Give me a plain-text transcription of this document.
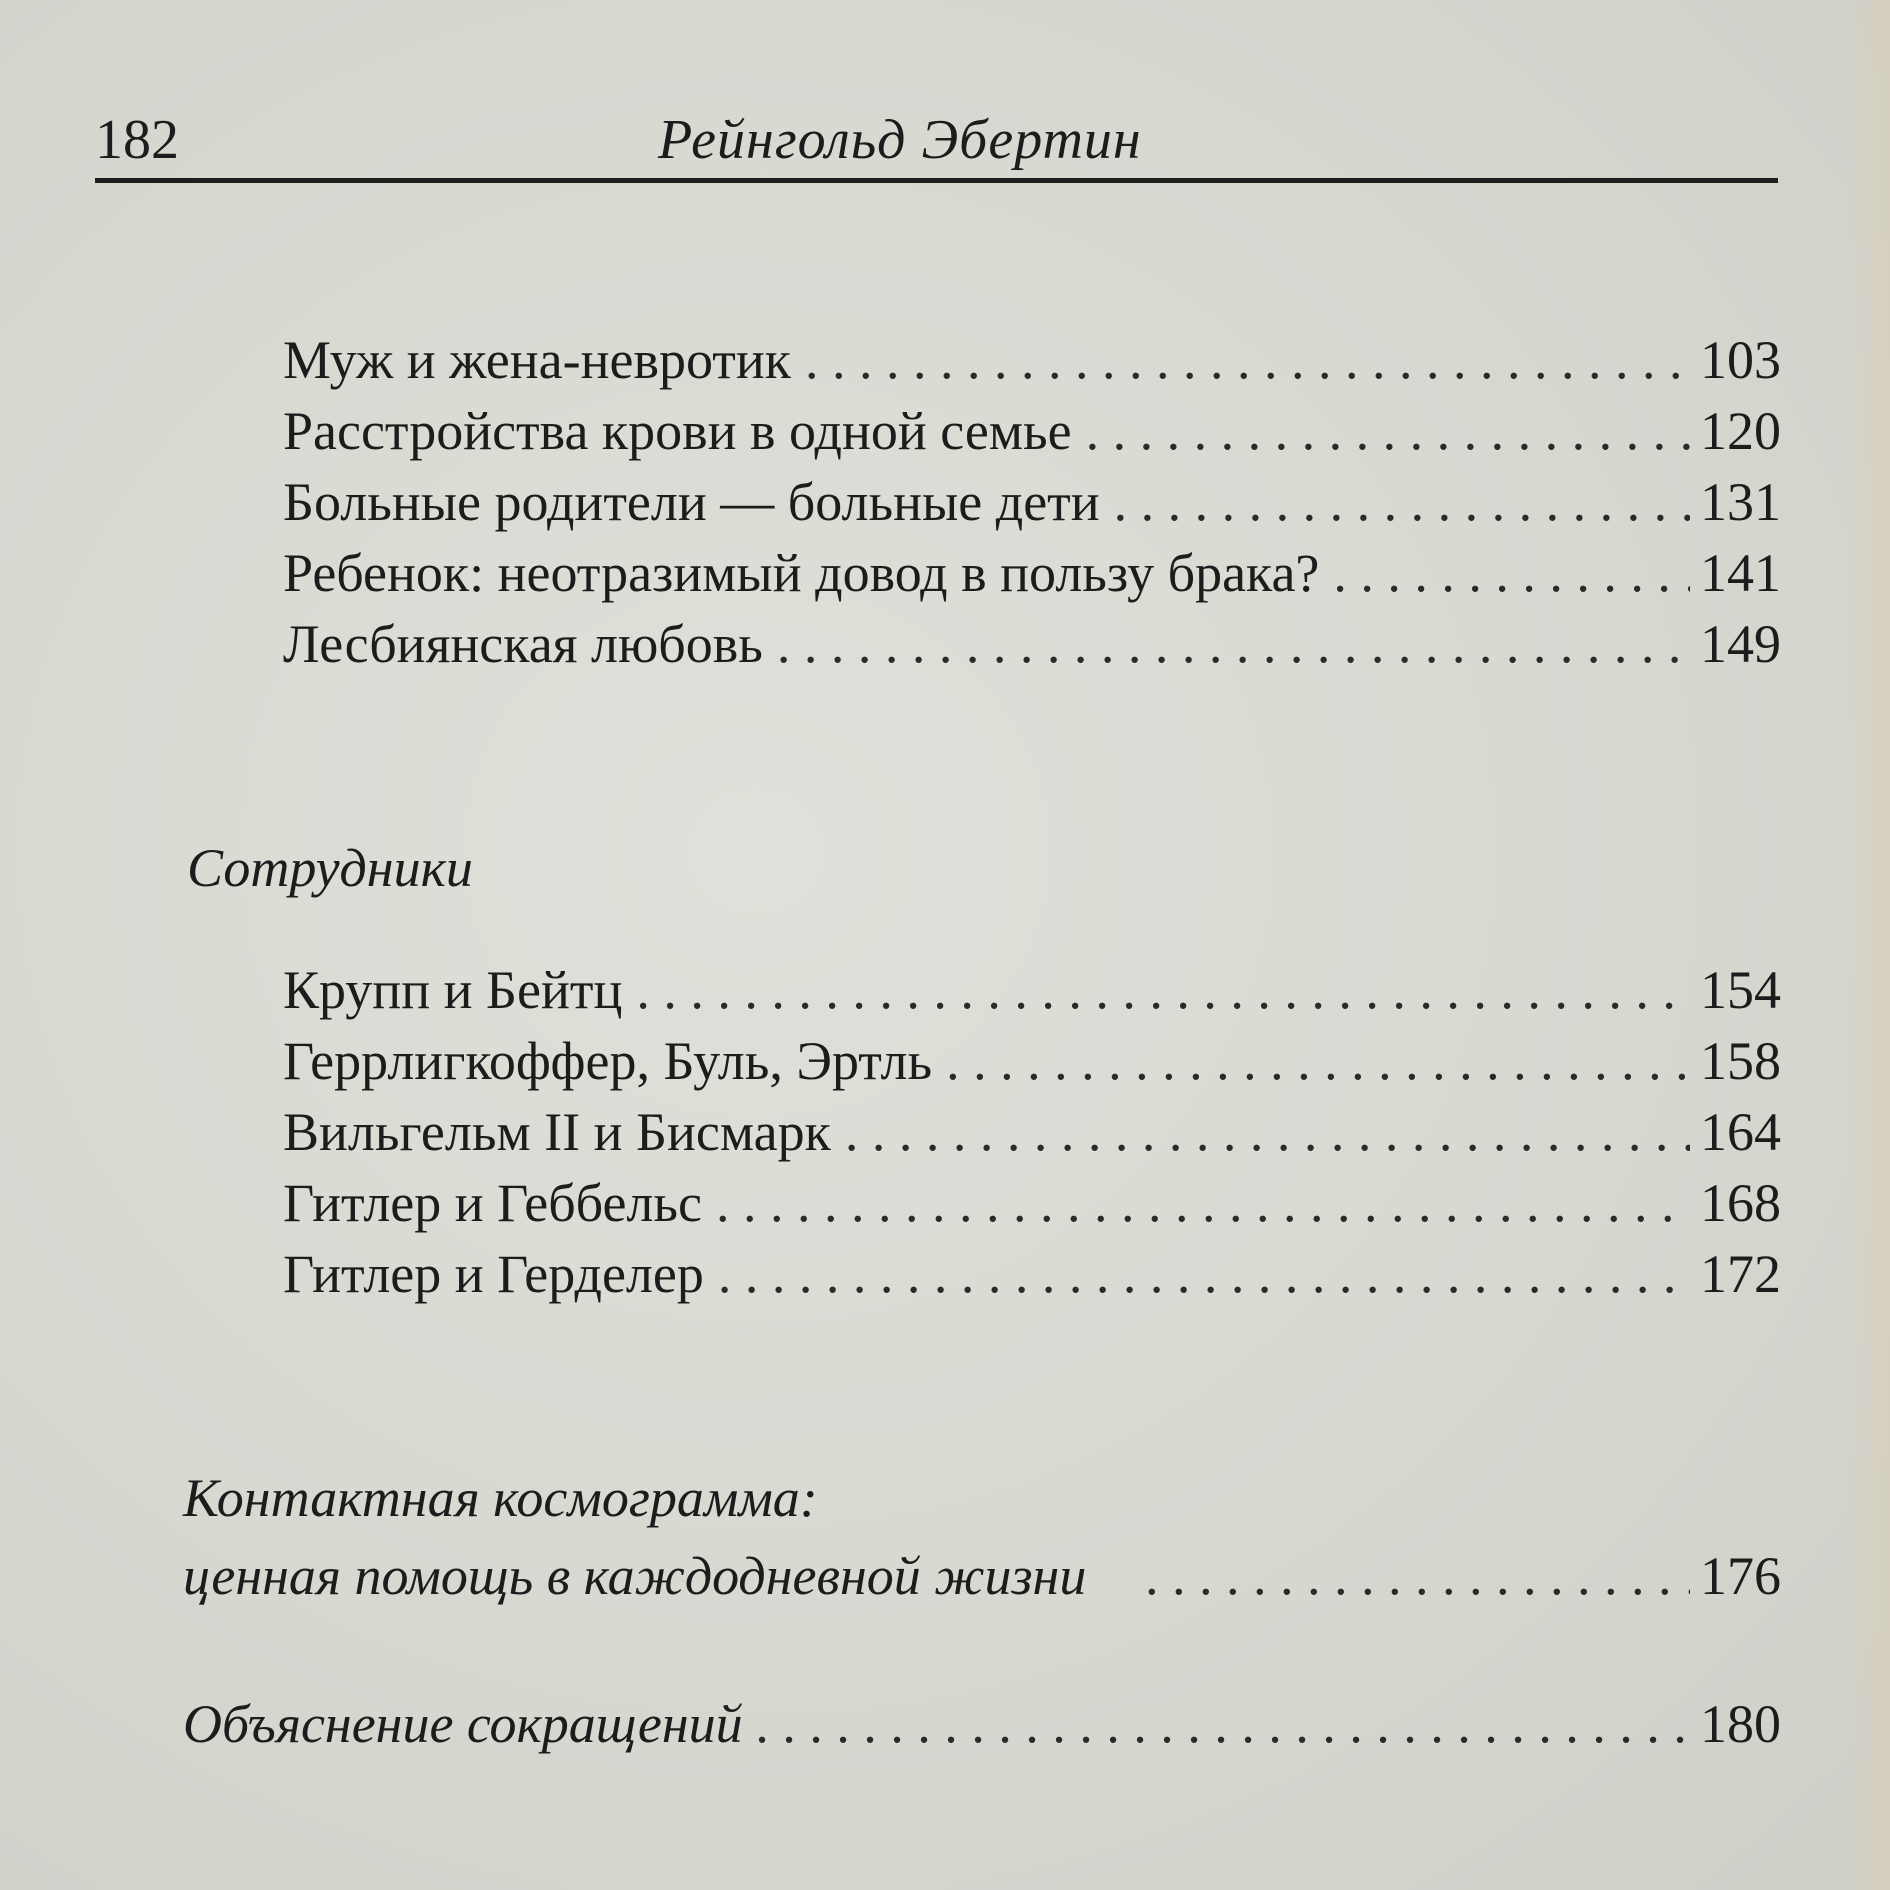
182	Рейнгольд Эбертин
Муж и жена-невротик . . .	103
Расстройства крови в одной семье . . .	120
Больные родители — больные дети . . .	131
Ребенок: неотразимый довод в пользу брака? . . .	141
Лесбиянская любовь . . .	149
Сотрудники
Крупп и Бейтц . . .	154
Геррлигкоффер, Буль, Эртль . . .	158
Вильгельм II и Бисмарк . . .	164
Гитлер и Геббельс . . .	168
Гитлер и Герделер . . .	172
Контактная космограмма:
ценная помощь в каждодневной жизни . . .	176
Объяснение сокращений . . .	180
